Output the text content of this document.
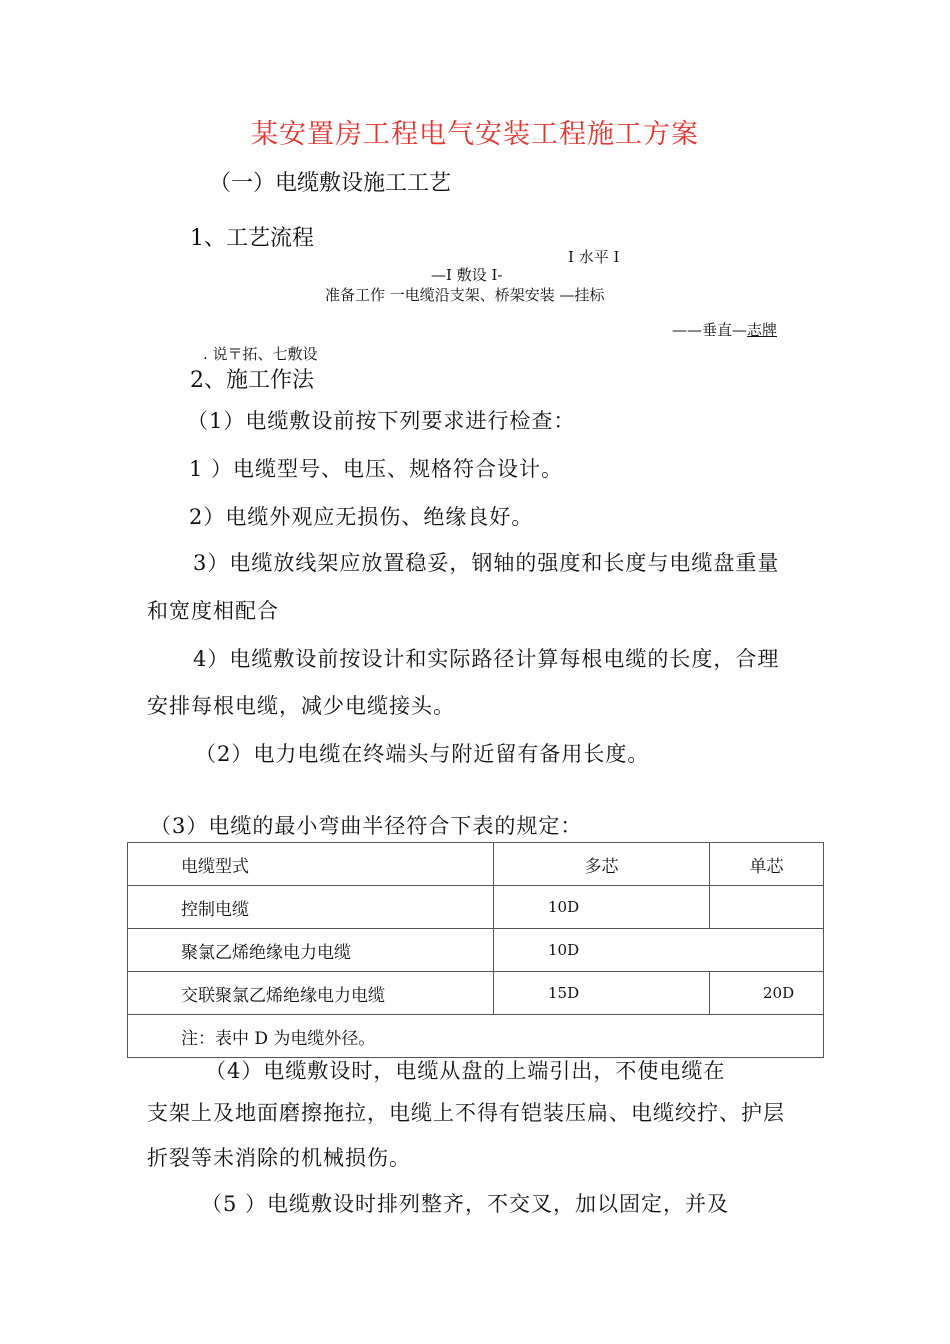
某安置房工程电气安装工程施工方案
（一）电缆敷设施工工艺
1、工艺流程
I 水平 I
—I 敷设 I-
准备工作 一电缆沿支架、桥架安装 —挂标
——垂直—志牌
. 说〒拓、七敷设
2、施工作法
（1）电缆敷设前按下列要求进行检查：
1 ）电缆型号、电压、规格符合设计。
2）电缆外观应无损伤、绝缘良好。
3）电缆放线架应放置稳妥，钢轴的强度和长度与电缆盘重量
和宽度相配合
4）电缆敷设前按设计和实际路径计算每根电缆的长度，合理
安排每根电缆，减少电缆接头。
（2）电力电缆在终端头与附近留有备用长度。
（3）电缆的最小弯曲半径符合下表的规定：
电缆型式	多芯	单芯
控制电缆	10D	
聚氯乙烯绝缘电力电缆	10D	
交联聚氯乙烯绝缘电力电缆	15D	20D
注：表中 D 为电缆外径。		
（4）电缆敷设时，电缆从盘的上端引出，不使电缆在
支架上及地面磨擦拖拉，电缆上不得有铠装压扁、电缆绞拧、护层
折裂等未消除的机械损伤。
（5 ）电缆敷设时排列整齐，不交叉，加以固定，并及
